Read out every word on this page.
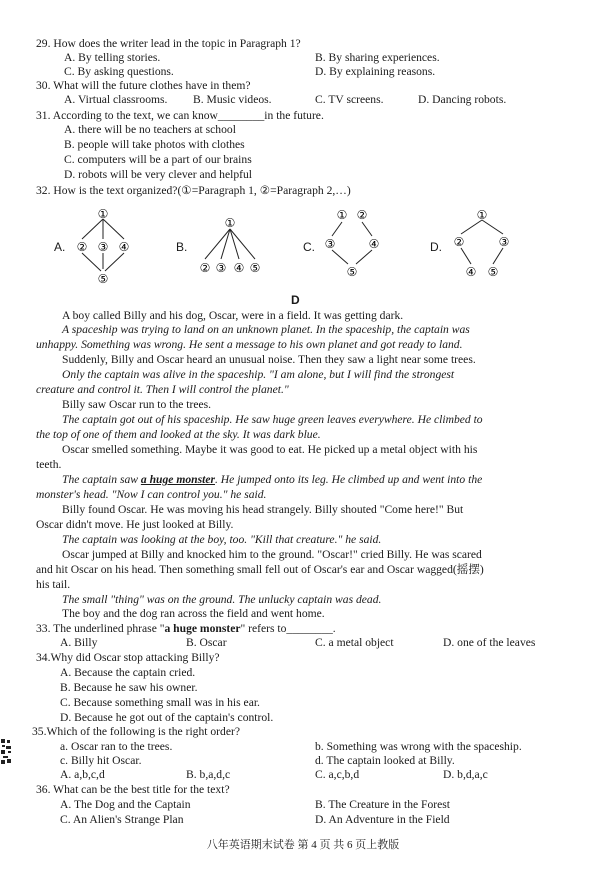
29. How does the writer lead in the topic in Paragraph 1?
A. By telling stories.	B. By sharing experiences.
C. By asking questions.	D. By explaining reasons.
30. What will the future clothes have in them?
A. Virtual classrooms. B. Music videos.	C. TV screens.	D. Dancing robots.
31. According to the text, we can know________in the future.
A. there will be no teachers at school
B. people will take photos with clothes
C. computers will be a part of our brains
D. robots will be very clever and helpful
32. How is the text organized?(①=Paragraph 1, ②=Paragraph 2,…)
A.
①
② ③ ④
⑤
B.
①
② ③ ④ ⑤
C.
① ②
③	④
⑤
D.
①
②	③
④ ⑤
D
A boy called Billy and his dog, Oscar, were in a field. It was getting dark.
A spaceship was trying to land on an unknown planet. In the spaceship, the captain was
unhappy. Something was wrong. He sent a message to his own planet and got ready to land.
Suddenly, Billy and Oscar heard an unusual noise. Then they saw a light near some trees.
Only the captain was alive in the spaceship. "I am alone, but I will find the strongest
creature and control it. Then I will control the planet."
Billy saw Oscar run to the trees.
The captain got out of his spaceship. He saw huge green leaves everywhere. He climbed to
the top of one of them and looked at the sky. It was dark blue.
Oscar smelled something. Maybe it was good to eat. He picked up a metal object with his
teeth.
The captain saw a huge monster. He jumped onto its leg. He climbed up and went into the
monster's head. "Now I can control you." he said.
Billy found Oscar. He was moving his head strangely. Billy shouted "Come here!" But
Oscar didn't move. He just looked at Billy.
The captain was looking at the boy, too. "Kill that creature." he said.
Oscar jumped at Billy and knocked him to the ground. "Oscar!" cried Billy. He was scared
and hit Oscar on his head. Then something small fell out of Oscar's ear and Oscar wagged(摇摆)
his tail.
The small "thing" was on the ground. The unlucky captain was dead.
The boy and the dog ran across the field and went home.
33. The underlined phrase "a huge monster" refers to________.
A. Billy	B. Oscar	C. a metal object	D. one of the leaves
34.Why did Oscar stop attacking Billy?
A. Because the captain cried.
B. Because he saw his owner.
C. Because something small was in his ear.
D. Because he got out of the captain's control.
35.Which of the following is the right order?
a. Oscar ran to the trees.	b. Something was wrong with the spaceship.
c. Billy hit Oscar.	d. The captain looked at Billy.
A. a,b,c,d	B. b,a,d,c	C. a,c,b,d	D. b,d,a,c
36. What can be the best title for the text?
A. The Dog and the Captain	B. The Creature in the Forest
C. An Alien's Strange Plan	D. An Adventure in the Field
八年英语期末试卷 第 4 页 共 6 页上教版
